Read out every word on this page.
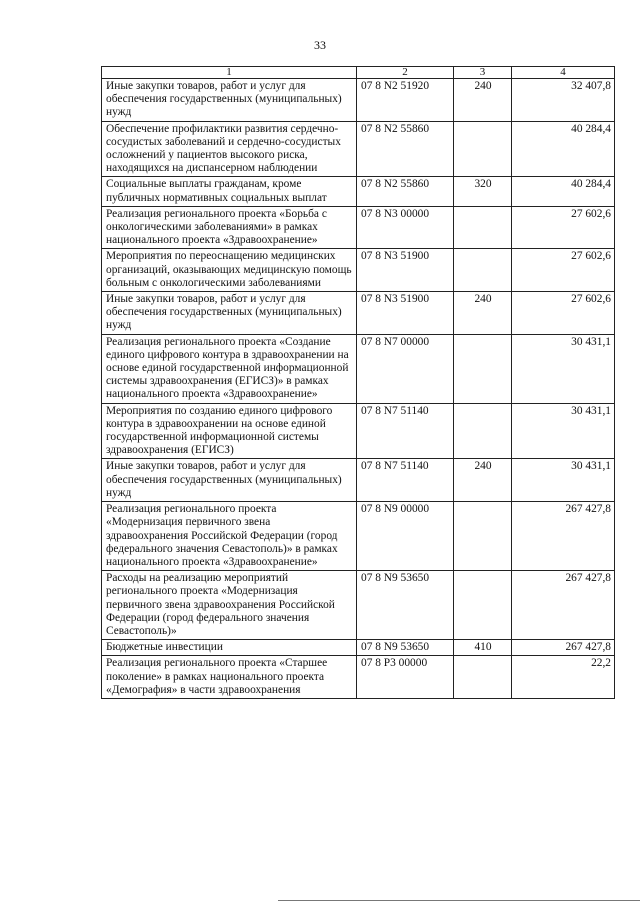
33
1	2	3	4
Иные закупки товаров, работ и услуг для обеспечения государственных (муниципальных) нужд	07 8 N2 51920	240	32 407,8
Обеспечение профилактики развития сердечно-сосудистых заболеваний и сердечно-сосудистых осложнений у пациентов высокого риска, находящихся на диспансерном наблюдении	07 8 N2 55860		40 284,4
Социальные выплаты гражданам, кроме публичных нормативных социальных выплат	07 8 N2 55860	320	40 284,4
Реализация регионального проекта «Борьба с онкологическими заболеваниями» в рамках национального проекта «Здравоохранение»	07 8 N3 00000		27 602,6
Мероприятия по переоснащению медицинских организаций, оказывающих медицинскую помощь больным с онкологическими заболеваниями	07 8 N3 51900		27 602,6
Иные закупки товаров, работ и услуг для обеспечения государственных (муниципальных) нужд	07 8 N3 51900	240	27 602,6
Реализация регионального проекта «Создание единого цифрового контура в здравоохранении на основе единой государственной информационной системы здравоохранения (ЕГИСЗ)» в рамках национального проекта «Здравоохранение»	07 8 N7 00000		30 431,1
Мероприятия по созданию единого цифрового контура в здравоохранении на основе единой государственной информационной системы здравоохранения (ЕГИСЗ)	07 8 N7 51140		30 431,1
Иные закупки товаров, работ и услуг для обеспечения государственных (муниципальных) нужд	07 8 N7 51140	240	30 431,1
Реализация регионального проекта «Модернизация первичного звена здравоохранения Российской Федерации (город федерального значения Севастополь)» в рамках национального проекта «Здравоохранение»	07 8 N9 00000		267 427,8
Расходы на реализацию мероприятий регионального проекта «Модернизация первичного звена здравоохранения Российской Федерации (город федерального значения Севастополь)»	07 8 N9 53650		267 427,8
Бюджетные инвестиции	07 8 N9 53650	410	267 427,8
Реализация регионального проекта «Старшее поколение» в рамках национального проекта «Демография» в части здравоохранения	07 8 P3 00000		22,2
